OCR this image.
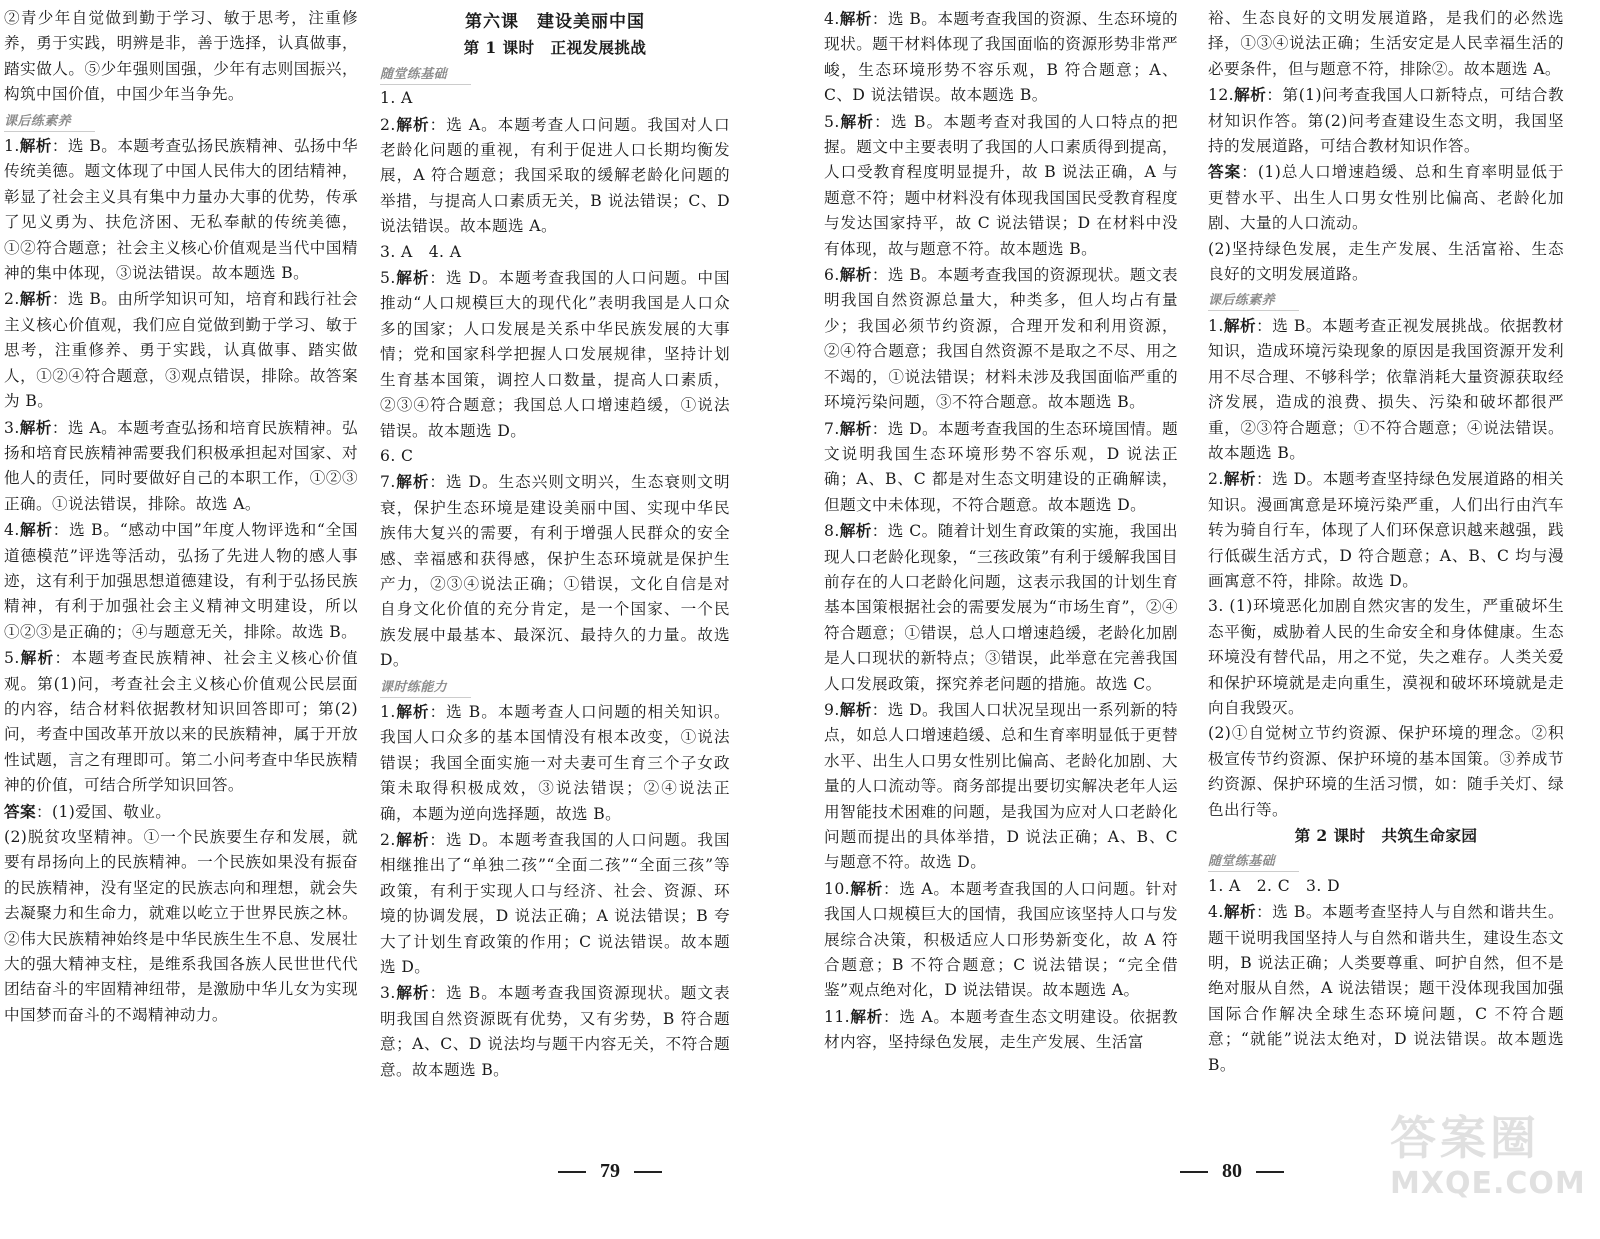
②青少年自觉做到勤于学习、敏于思考，注重修养，勇于实践，明辨是非，善于选择，认真做事，踏实做人。⑤少年强则国强，少年有志则国振兴，构筑中国价值，中国少年当争先。

课后练素养

1.解析：选 B。本题考查弘扬民族精神、弘扬中华传统美德。题文体现了中国人民伟大的团结精神，彰显了社会主义具有集中力量办大事的优势，传承了见义勇为、扶危济困、无私奉献的传统美德，①②符合题意；社会主义核心价值观是当代中国精神的集中体现，③说法错误。故本题选 B。

2.解析：选 B。由所学知识可知，培育和践行社会主义核心价值观，我们应自觉做到勤于学习、敏于思考，注重修养、勇于实践，认真做事、踏实做人，①②④符合题意，③观点错误，排除。故答案为 B。

3.解析：选 A。本题考查弘扬和培育民族精神。弘扬和培育民族精神需要我们积极承担起对国家、对他人的责任，同时要做好自己的本职工作，①②③正确。①说法错误，排除。故选 A。

4.解析：选 B。“感动中国”年度人物评选和“全国道德模范”评选等活动，弘扬了先进人物的感人事迹，这有利于加强思想道德建设，有利于弘扬民族精神，有利于加强社会主义精神文明建设，所以①②③是正确的；④与题意无关，排除。故选 B。

5.解析：本题考查民族精神、社会主义核心价值观。第(1)问，考查社会主义核心价值观公民层面的内容，结合材料依据教材知识回答即可；第(2)问，考查中国改革开放以来的民族精神，属于开放性试题，言之有理即可。第二小问考查中华民族精神的价值，可结合所学知识回答。

答案：(1)爱国、敬业。

(2)脱贫攻坚精神。①一个民族要生存和发展，就要有昂扬向上的民族精神。一个民族如果没有振奋的民族精神，没有坚定的民族志向和理想，就会失去凝聚力和生命力，就难以屹立于世界民族之林。②伟大民族精神始终是中华民族生生不息、发展壮大的强大精神支柱，是维系我国各族人民世世代代团结奋斗的牢固精神纽带，是激励中华儿女为实现中国梦而奋斗的不竭精神动力。

第六课　建设美丽中国

第 1 课时　正视发展挑战

随堂练基础

1. A

2.解析：选 A。本题考查人口问题。我国对人口老龄化问题的重视，有利于促进人口长期均衡发展，A 符合题意；我国采取的缓解老龄化问题的举措，与提高人口素质无关，B 说法错误；C、D 说法错误。故本题选 A。

3. A　4. A

5.解析：选 D。本题考查我国的人口问题。中国推动“人口规模巨大的现代化”表明我国是人口众多的国家；人口发展是关系中华民族发展的大事情；党和国家科学把握人口发展规律，坚持计划生育基本国策，调控人口数量，提高人口素质，②③④符合题意；我国总人口增速趋缓，①说法错误。故本题选 D。

6. C

7.解析：选 D。生态兴则文明兴，生态衰则文明衰，保护生态环境是建设美丽中国、实现中华民族伟大复兴的需要，有利于增强人民群众的安全感、幸福感和获得感，保护生态环境就是保护生产力，②③④说法正确；①错误，文化自信是对自身文化价值的充分肯定，是一个国家、一个民族发展中最基本、最深沉、最持久的力量。故选 D。

课时练能力

1.解析：选 B。本题考查人口问题的相关知识。我国人口众多的基本国情没有根本改变，①说法错误；我国全面实施一对夫妻可生育三个子女政策未取得积极成效，③说法错误；②④说法正确，本题为逆向选择题，故选 B。

2.解析：选 D。本题考查我国的人口问题。我国相继推出了“单独二孩”“全面二孩”“全面三孩”等政策，有利于实现人口与经济、社会、资源、环境的协调发展，D 说法正确；A 说法错误；B 夸大了计划生育政策的作用；C 说法错误。故本题选 D。

3.解析：选 B。本题考查我国资源现状。题文表明我国自然资源既有优势，又有劣势，B 符合题意；A、C、D 说法均与题干内容无关，不符合题意。故本题选 B。

4.解析：选 B。本题考查我国的资源、生态环境的现状。题干材料体现了我国面临的资源形势非常严峻，生态环境形势不容乐观，B 符合题意；A、C、D 说法错误。故本题选 B。

5.解析：选 B。本题考查对我国的人口特点的把握。题文中主要表明了我国的人口素质得到提高，人口受教育程度明显提升，故 B 说法正确，A 与题意不符；题中材料没有体现我国国民受教育程度与发达国家持平，故 C 说法错误；D 在材料中没有体现，故与题意不符。故本题选 B。

6.解析：选 B。本题考查我国的资源现状。题文表明我国自然资源总量大，种类多，但人均占有量少；我国必须节约资源，合理开发和利用资源，②④符合题意；我国自然资源不是取之不尽、用之不竭的，①说法错误；材料未涉及我国面临严重的环境污染问题，③不符合题意。故本题选 B。

7.解析：选 D。本题考查我国的生态环境国情。题文说明我国生态环境形势不容乐观，D 说法正确；A、B、C 都是对生态文明建设的正确解读，但题文中未体现，不符合题意。故本题选 D。

8.解析：选 C。随着计划生育政策的实施，我国出现人口老龄化现象，“三孩政策”有利于缓解我国目前存在的人口老龄化问题，这表示我国的计划生育基本国策根据社会的需要发展为“市场生育”，②④符合题意；①错误，总人口增速趋缓，老龄化加剧是人口现状的新特点；③错误，此举意在完善我国人口发展政策，探究养老问题的措施。故选 C。

9.解析：选 D。我国人口状况呈现出一系列新的特点，如总人口增速趋缓、总和生育率明显低于更替水平、出生人口男女性别比偏高、老龄化加剧、大量的人口流动等。商务部提出要切实解决老年人运用智能技术困难的问题，是我国为应对人口老龄化问题而提出的具体举措，D 说法正确；A、B、C 与题意不符。故选 D。

10.解析：选 A。本题考查我国的人口问题。针对我国人口规模巨大的国情，我国应该坚持人口与发展综合决策，积极适应人口形势新变化，故 A 符合题意；B 不符合题意；C 说法错误；“完全借鉴”观点绝对化，D 说法错误。故本题选 A。

11.解析：选 A。本题考查生态文明建设。依据教材内容，坚持绿色发展，走生产发展、生活富

裕、生态良好的文明发展道路，是我们的必然选择，①③④说法正确；生活安定是人民幸福生活的必要条件，但与题意不符，排除②。故本题选 A。

12.解析：第(1)问考查我国人口新特点，可结合教材知识作答。第(2)问考查建设生态文明，我国坚持的发展道路，可结合教材知识作答。

答案：(1)总人口增速趋缓、总和生育率明显低于更替水平、出生人口男女性别比偏高、老龄化加剧、大量的人口流动。

(2)坚持绿色发展，走生产发展、生活富裕、生态良好的文明发展道路。

课后练素养

1.解析：选 B。本题考查正视发展挑战。依据教材知识，造成环境污染现象的原因是我国资源开发利用不尽合理、不够科学；依靠消耗大量资源获取经济发展，造成的浪费、损失、污染和破坏都很严重，②③符合题意；①不符合题意；④说法错误。故本题选 B。

2.解析：选 D。本题考查坚持绿色发展道路的相关知识。漫画寓意是环境污染严重，人们出行由汽车转为骑自行车，体现了人们环保意识越来越强，践行低碳生活方式，D 符合题意；A、B、C 均与漫画寓意不符，排除。故选 D。

3. (1)环境恶化加剧自然灾害的发生，严重破坏生态平衡，威胁着人民的生命安全和身体健康。生态环境没有替代品，用之不觉，失之难存。人类关爱和保护环境就是走向重生，漠视和破坏环境就是走向自我毁灭。

(2)①自觉树立节约资源、保护环境的理念。②积极宣传节约资源、保护环境的基本国策。③养成节约资源、保护环境的生活习惯，如：随手关灯、绿色出行等。

第 2 课时　共筑生命家园

随堂练基础

1. A　2. C　3. D

4.解析：选 B。本题考查坚持人与自然和谐共生。题干说明我国坚持人与自然和谐共生，建设生态文明，B 说法正确；人类要尊重、呵护自然，但不是绝对服从自然，A 说法错误；题干没体现我国加强国际合作解决全球生态环境问题，C 不符合题意；“就能”说法太绝对，D 说法错误。故本题选 B。

79	80
答案圈
MXQE.COM
